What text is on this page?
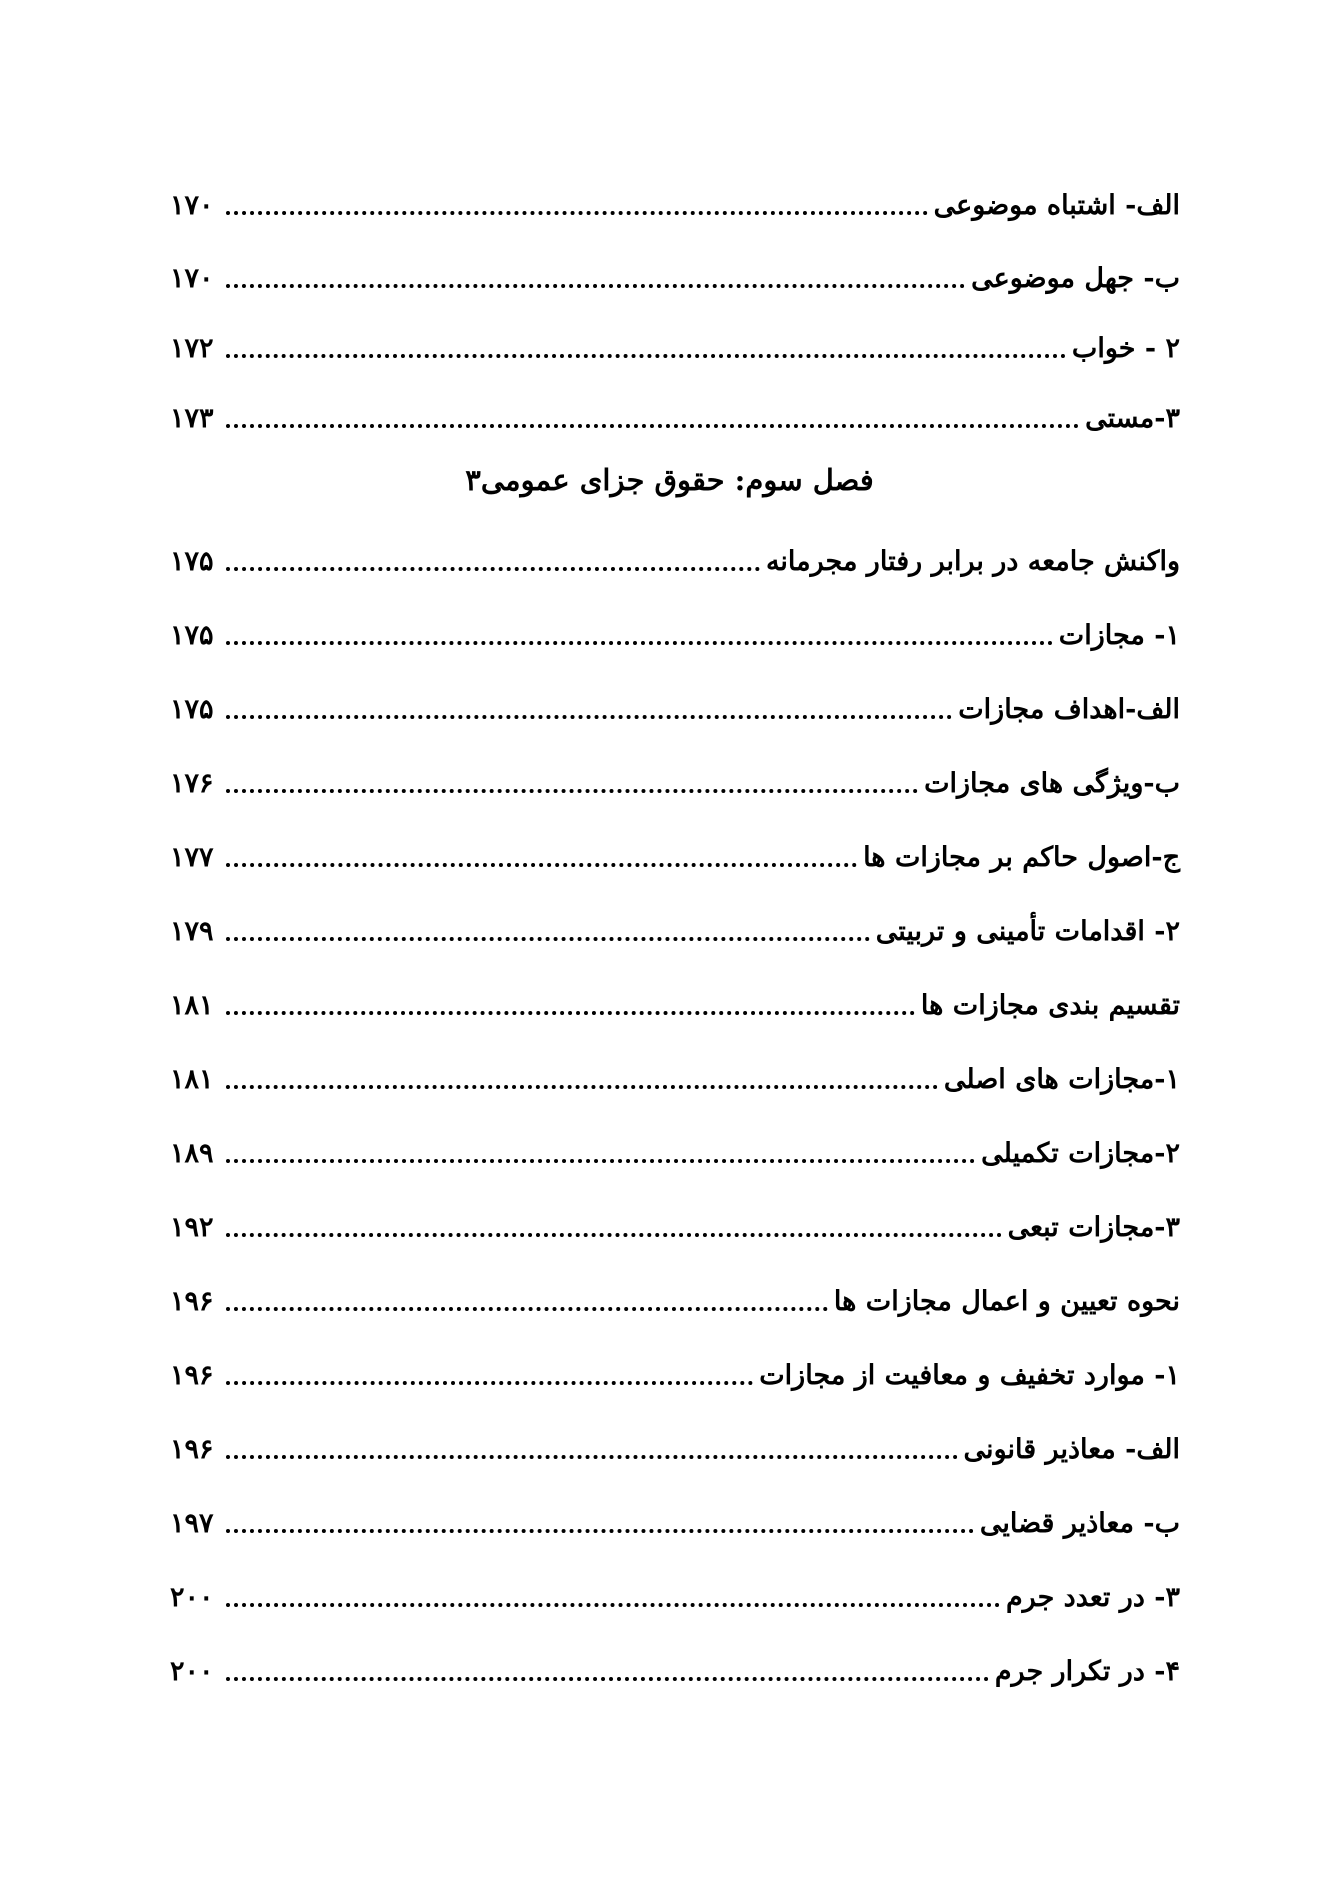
الف- اشتباه موضوعی
۱۷۰
ب- جهل موضوعی
۱۷۰
۲ - خواب
۱۷۲
۳-مستی
۱۷۳
فصل سوم: حقوق جزای عمومی۳
واکنش جامعه در برابر رفتار مجرمانه
۱۷۵
۱- مجازات
۱۷۵
الف-اهداف مجازات
۱۷۵
ب-ویژگی های مجازات
۱۷۶
ج-اصول حاکم بر مجازات ها
۱۷۷
۲- اقدامات تأمینی و تربیتی
۱۷۹
تقسیم بندی مجازات ها
۱۸۱
۱-مجازات های اصلی
۱۸۱
۲-مجازات تکمیلی
۱۸۹
۳-مجازات تبعی
۱۹۲
نحوه تعیین و اعمال مجازات ها
۱۹۶
۱- موارد تخفیف و معافیت از مجازات
۱۹۶
الف- معاذیر قانونی
۱۹۶
ب- معاذیر قضایی
۱۹۷
۳- در تعدد جرم
۲۰۰
۴- در تکرار جرم
۲۰۰
